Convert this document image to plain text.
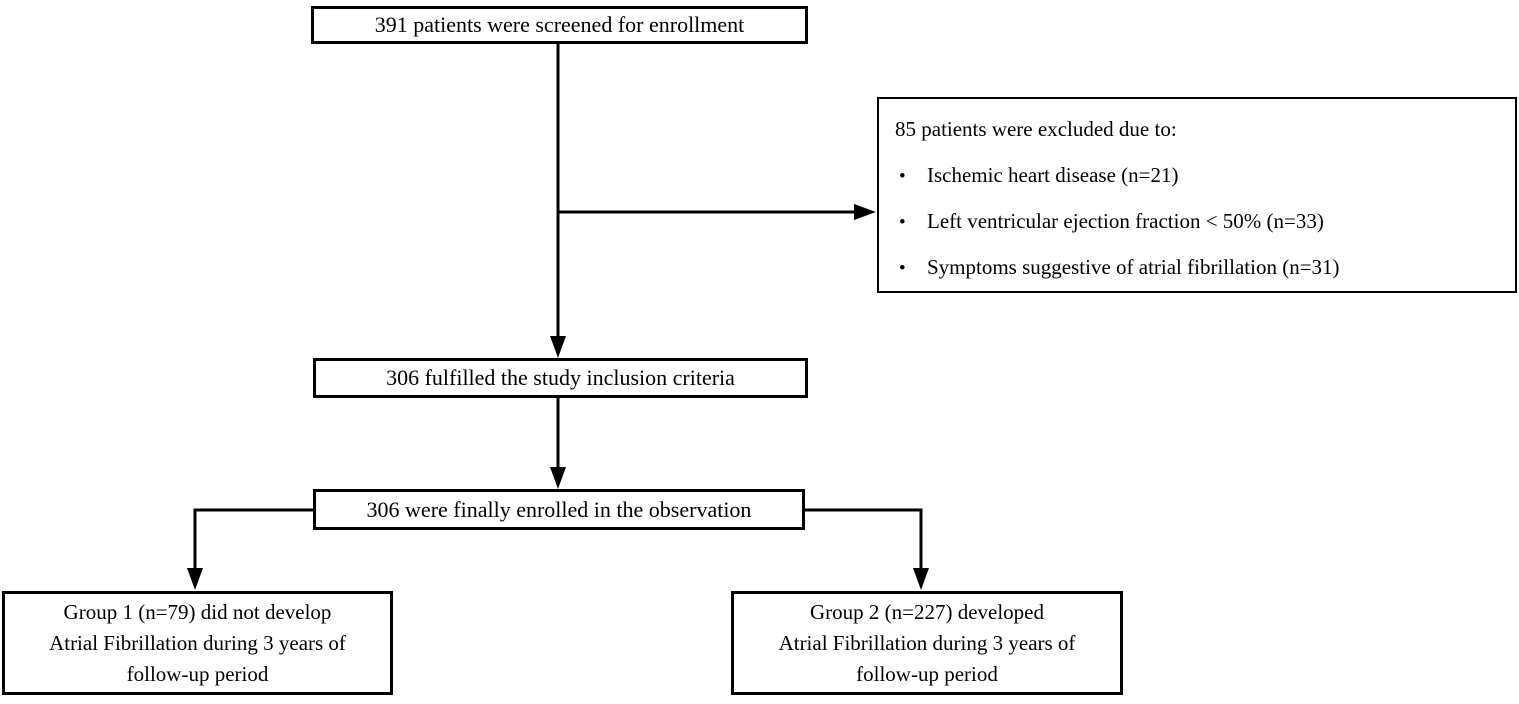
391 patients were screened for enrollment

85 patients were excluded due to:

•	Ischemic heart disease (n=21)
•	Left ventricular ejection fraction < 50% (n=33)
•	Symptoms suggestive of atrial fibrillation (n=31)
306 fulfilled the study inclusion criteria
306 were finally enrolled in the observation
Group 1 (n=79) did not develop
Atrial Fibrillation during 3 years of
follow-up period
Group 2 (n=227) developed
Atrial Fibrillation during 3 years of
follow-up period
